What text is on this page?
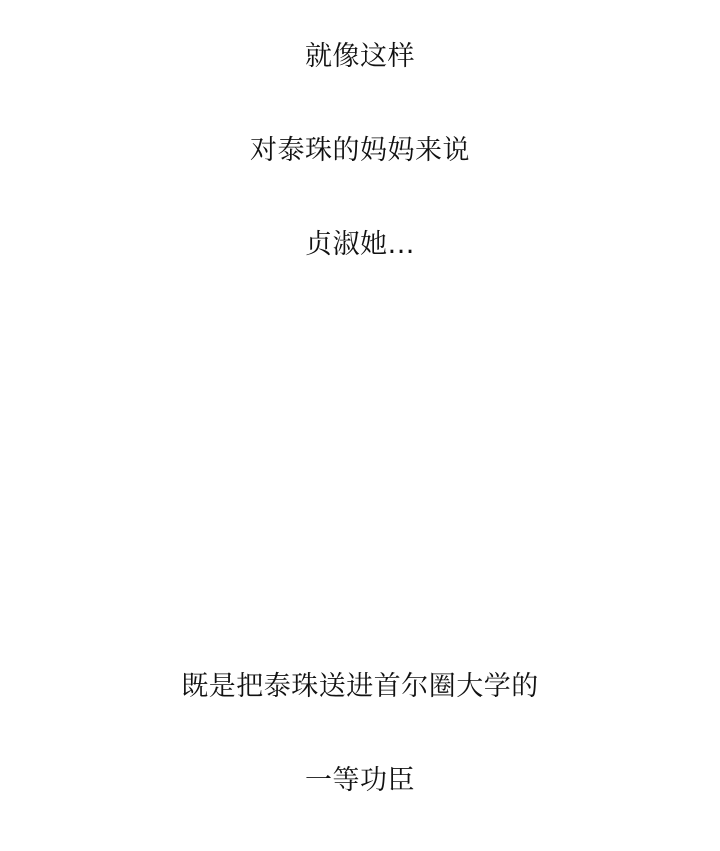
就像这样

对泰珠的妈妈来说

贞淑她...

既是把泰珠送进首尔圈大学的

一等功臣
